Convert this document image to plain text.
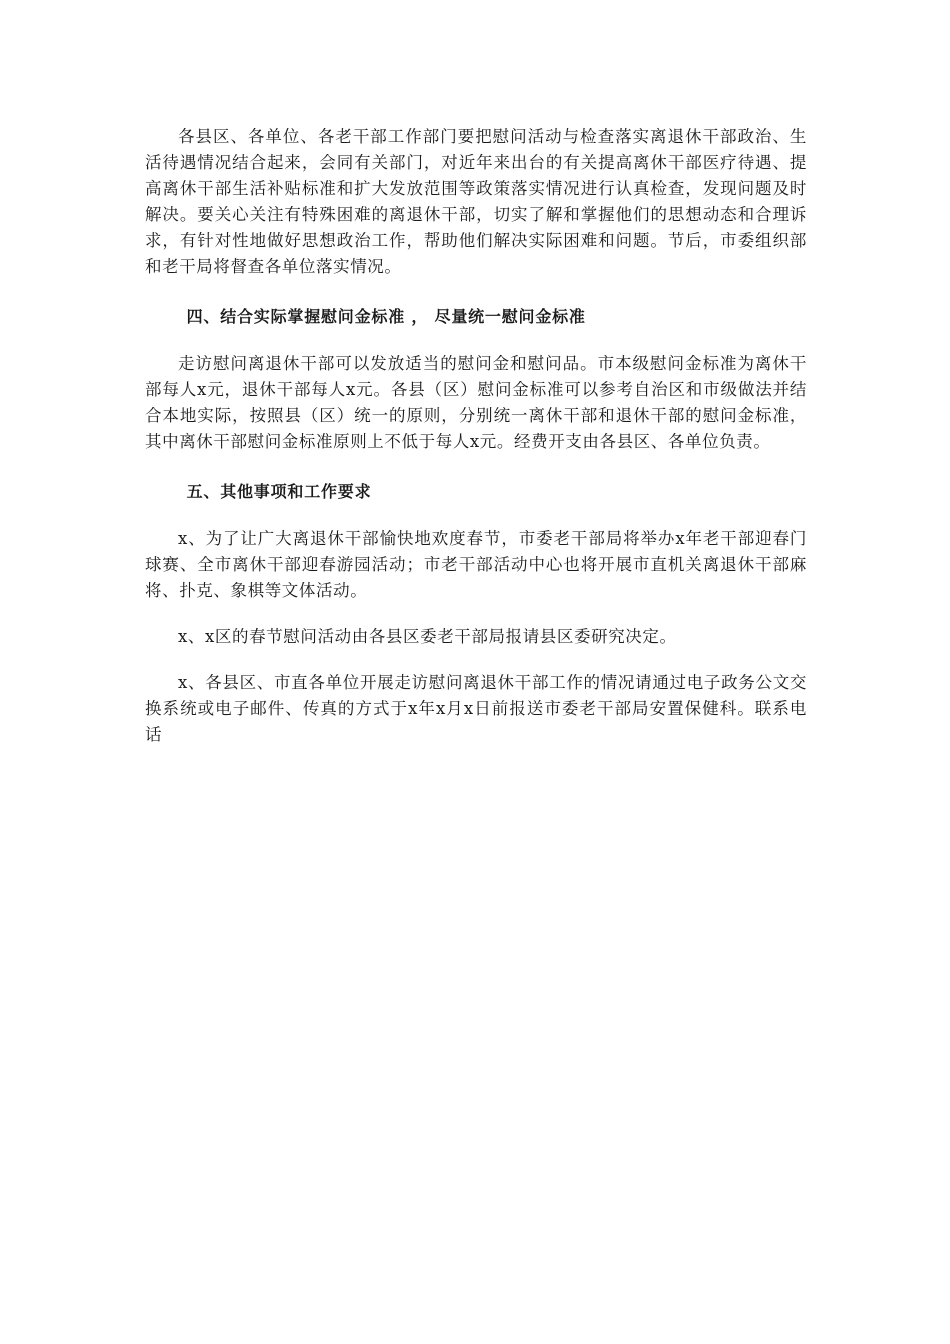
各县区、各单位、各老干部工作部门要把慰问活动与检查落实离退休干部政治、生活待遇情况结合起来，会同有关部门，对近年来出台的有关提高离休干部医疗待遇、提高离休干部生活补贴标准和扩大发放范围等政策落实情况进行认真检查，发现问题及时解决。要关心关注有特殊困难的离退休干部，切实了解和掌握他们的思想动态和合理诉求，有针对性地做好思想政治工作，帮助他们解决实际困难和问题。节后，市委组织部和老干局将督查各单位落实情况。

四、结合实际掌握慰问金标准 ， 尽量统一慰问金标准

走访慰问离退休干部可以发放适当的慰问金和慰问品。市本级慰问金标准为离休干部每人x元，退休干部每人x元。各县（区）慰问金标准可以参考自治区和市级做法并结合本地实际，按照县（区）统一的原则，分别统一离休干部和退休干部的慰问金标准，其中离休干部慰问金标准原则上不低于每人x元。经费开支由各县区、各单位负责。

五、其他事项和工作要求

x、为了让广大离退休干部愉快地欢度春节，市委老干部局将举办x年老干部迎春门球赛、全市离休干部迎春游园活动；市老干部活动中心也将开展市直机关离退休干部麻将、扑克、象棋等文体活动。

x、x区的春节慰问活动由各县区委老干部局报请县区委研究决定。

x、各县区、市直各单位开展走访慰问离退休干部工作的情况请通过电子政务公文交换系统或电子邮件、传真的方式于x年x月x日前报送市委老干部局安置保健科。联系电话
